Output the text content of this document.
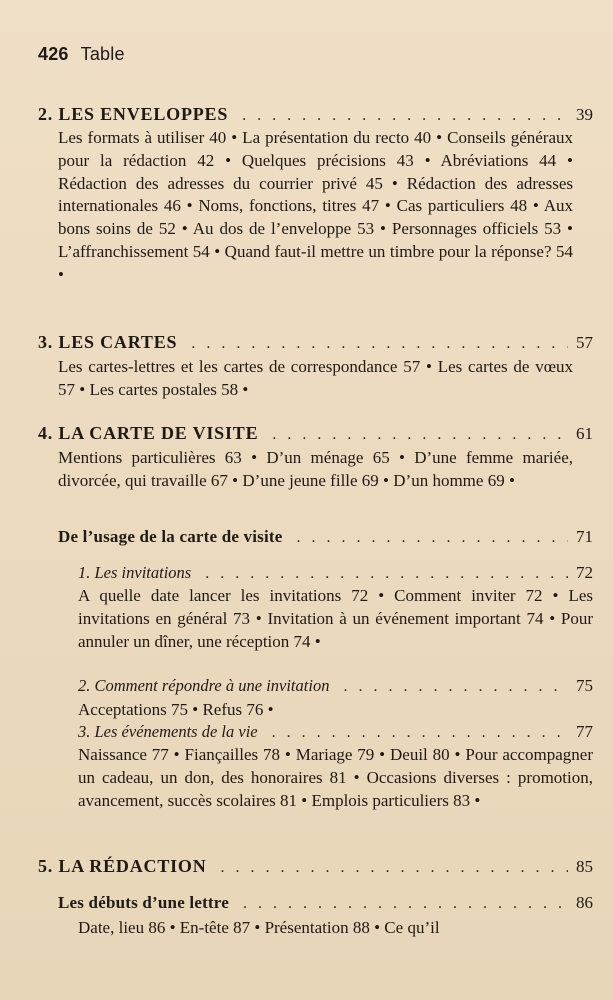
426 Table
2. LES ENVELOPPES . . .	39

Les formats à utiliser 40 • La présentation du recto 40 • Conseils généraux pour la rédaction 42 • Quelques précisions 43 • Abréviations 44 • Rédaction des adresses du courrier privé 45 • Rédaction des adresses internationales 46 • Noms, fonctions, titres 47 • Cas particuliers 48 • Aux bons soins de 52 • Au dos de l’enveloppe 53 • Personnages officiels 53 • L’affranchissement 54 • Quand faut-il mettre un timbre pour la réponse? 54 •

3. LES CARTES . . .	57

Les cartes-lettres et les cartes de correspondance 57 • Les cartes de vœux 57 • Les cartes postales 58 •

4. LA CARTE DE VISITE . . .	61

Mentions particulières 63 • D’un ménage 65 • D’une femme mariée, divorcée, qui travaille 67 • D’une jeune fille 69 • D’un homme 69 •

De l’usage de la carte de visite . . .	71
1. Les invitations . . .	72

A quelle date lancer les invitations 72 • Comment inviter 72 • Les invitations en général 73 • Invitation à un événement important 74 • Pour annuler un dîner, une réception 74 •

2. Comment répondre à une invitation . . .	75

Acceptations 75 • Refus 76 •

3. Les événements de la vie . . .	77

Naissance 77 • Fiançailles 78 • Mariage 79 • Deuil 80 • Pour accompagner un cadeau, un don, des honoraires 81 • Occasions diverses : promotion, avancement, succès scolaires 81 • Emplois particuliers 83 •

5. LA RÉDACTION . . .	85
Les débuts d’une lettre . . .	86

Date, lieu 86 • En-tête 87 • Présentation 88 • Ce qu’il
